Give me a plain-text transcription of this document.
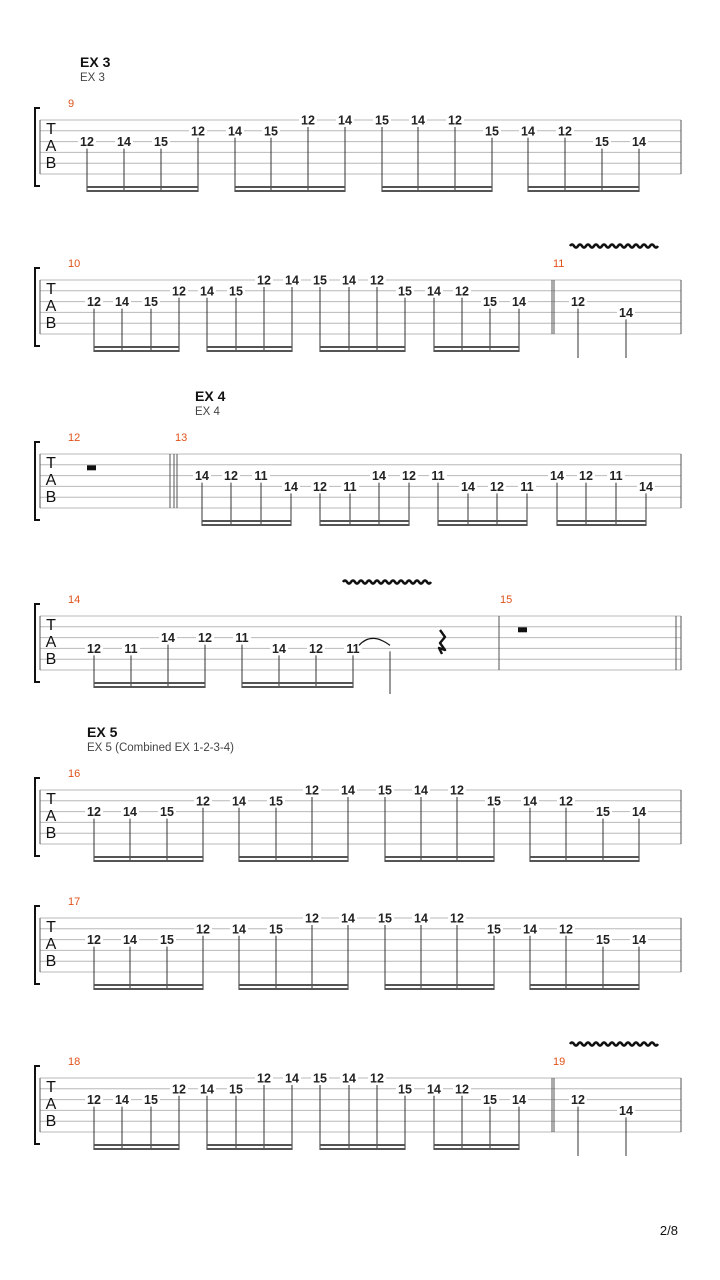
EX 3
EX 3
T
A
B
9
12 14 15
12 14 15
12 14 15 14 12
15 14 12
15 14
T
A
B
10
12 14 15
12 14 15
12 14 15 14 12
15 14 12
15 14
11
12
14
EX 4
EX 4
T
A
B
12	13
14 12 11
14 12 11
14 12 11
14 12 11
14 12 11
14
T
A
B
14
12 11
14 12 11
14 12 11
15
EX 5
EX 5 (Combined EX 1-2-3-4)
T
A
B
16
12 14 15
12 14 15
12 14 15 14 12
15 14 12
15 14
T
A
B
17
12 14 15
12 14 15
12 14 15 14 12
15 14 12
15 14
T
A
B
18
12 14 15
12 14 15
12 14 15 14 12
15 14 12
15 14
19
12
14
2/8
